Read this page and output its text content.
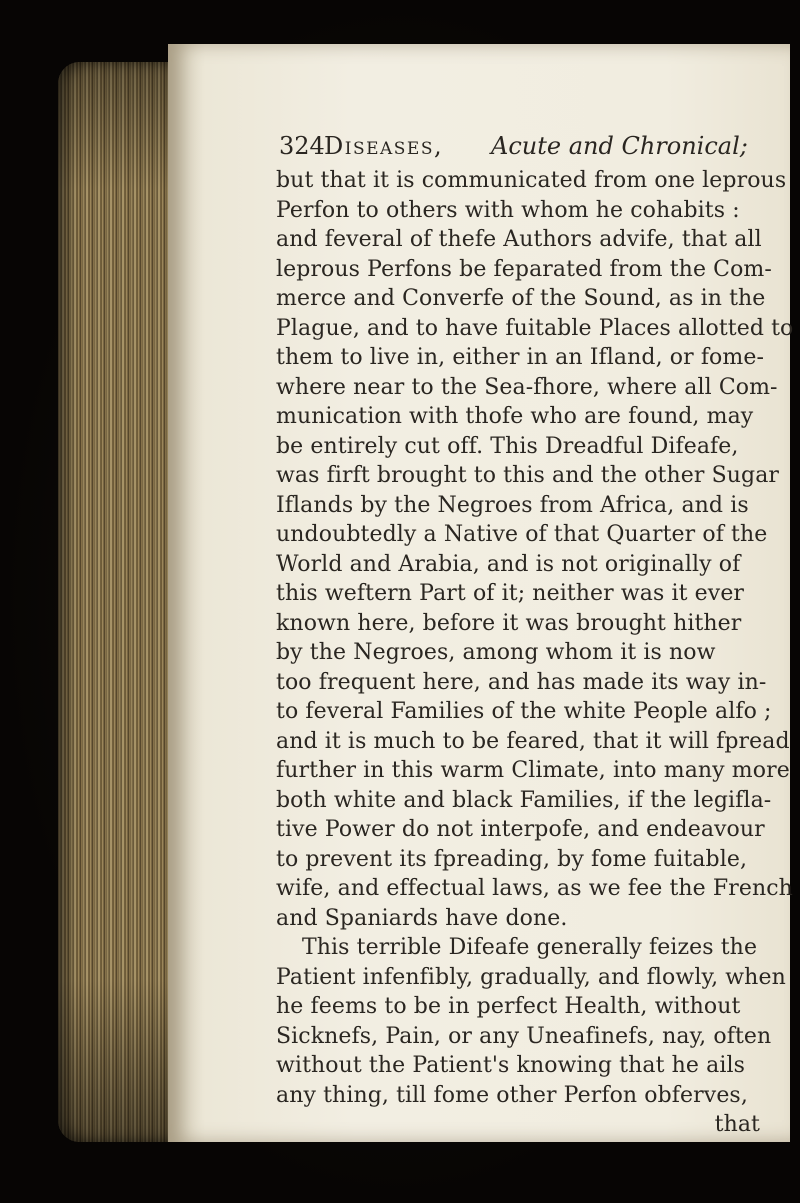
324 Diseases, Acute and Chronical;
but that it is communicated from one leprous
Perfon to others with whom he cohabits :
and feveral of thefe Authors advife, that all
leprous Perfons be feparated from the Com-
merce and Converfe of the Sound, as in the
Plague, and to have fuitable Places allotted to
them to live in, either in an Ifland, or fome-
where near to the Sea-fhore, where all Com-
munication with thofe who are found, may
be entirely cut off. This Dreadful Difeafe,
was firft brought to this and the other Sugar
Iflands by the Negroes from Africa, and is
undoubtedly a Native of that Quarter of the
World and Arabia, and is not originally of
this weftern Part of it; neither was it ever
known here, before it was brought hither
by the Negroes, among whom it is now
too frequent here, and has made its way in-
to feveral Families of the white People alfo ;
and it is much to be feared, that it will fpread
further in this warm Climate, into many more
both white and black Families, if the legifla-
tive Power do not interpofe, and endeavour
to prevent its fpreading, by fome fuitable,
wife, and effectual laws, as we fee the French
and Spaniards have done.
This terrible Difeafe generally feizes the
Patient infenfibly, gradually, and flowly, when
he feems to be in perfect Health, without
Sicknefs, Pain, or any Uneafinefs, nay, often
without the Patient's knowing that he ails
any thing, till fome other Perfon obferves,
that
